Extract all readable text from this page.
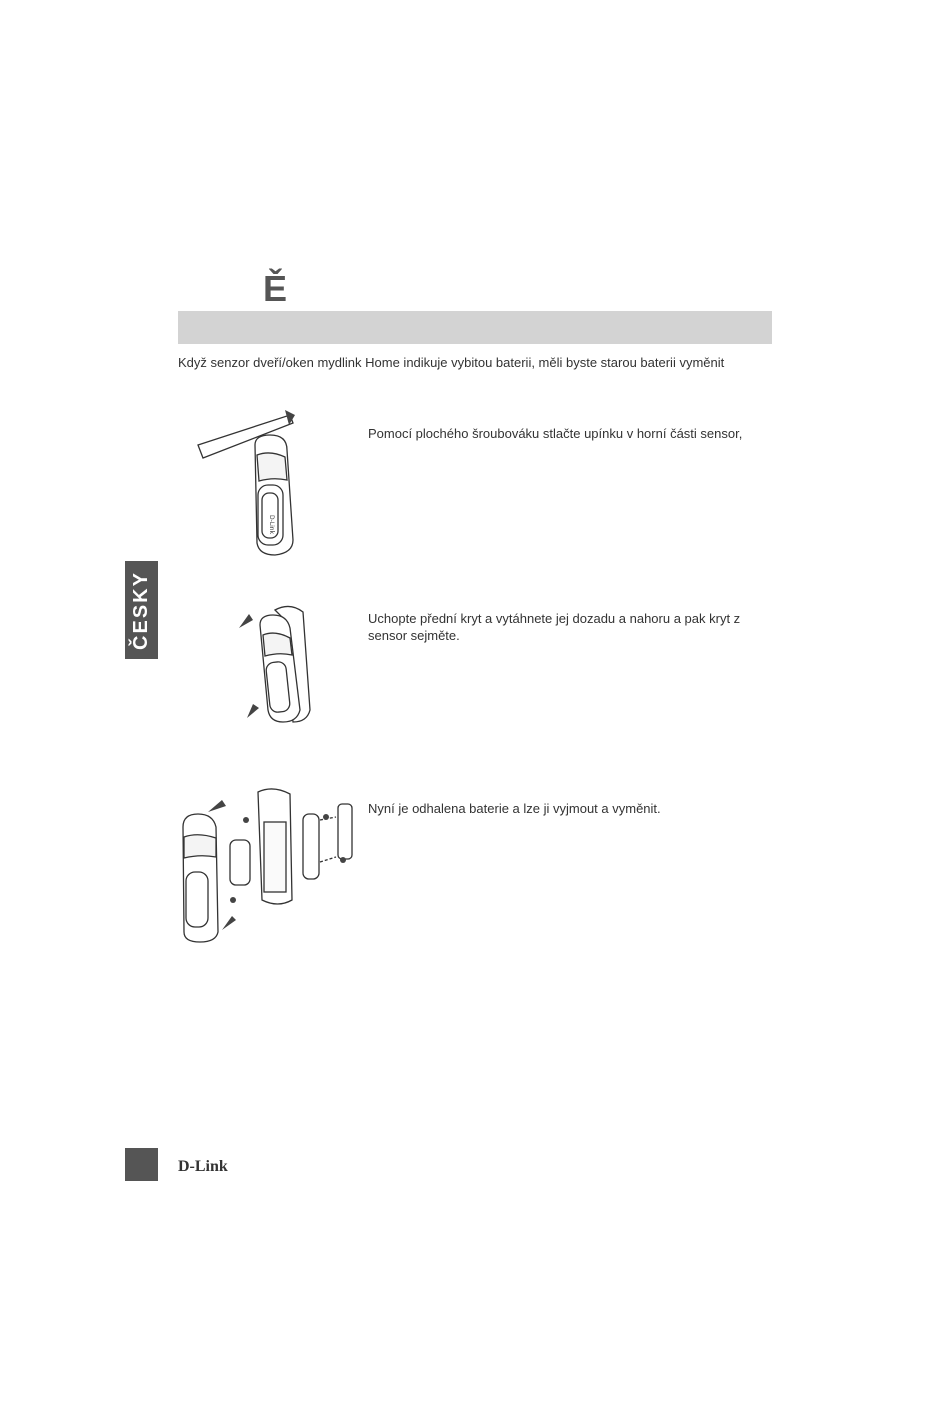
Ě
Když senzor dveří/oken mydlink Home indikuje vybitou baterii, měli byste starou baterii vyměnit
ČESKY
D-Link
Pomocí plochého šroubováku stlačte upínku v horní části sensor,
Uchopte přední kryt a vytáhnete jej dozadu a nahoru a pak kryt z sensor sejměte.
Nyní je odhalena baterie a lze ji vyjmout a vyměnit.
D-Link
